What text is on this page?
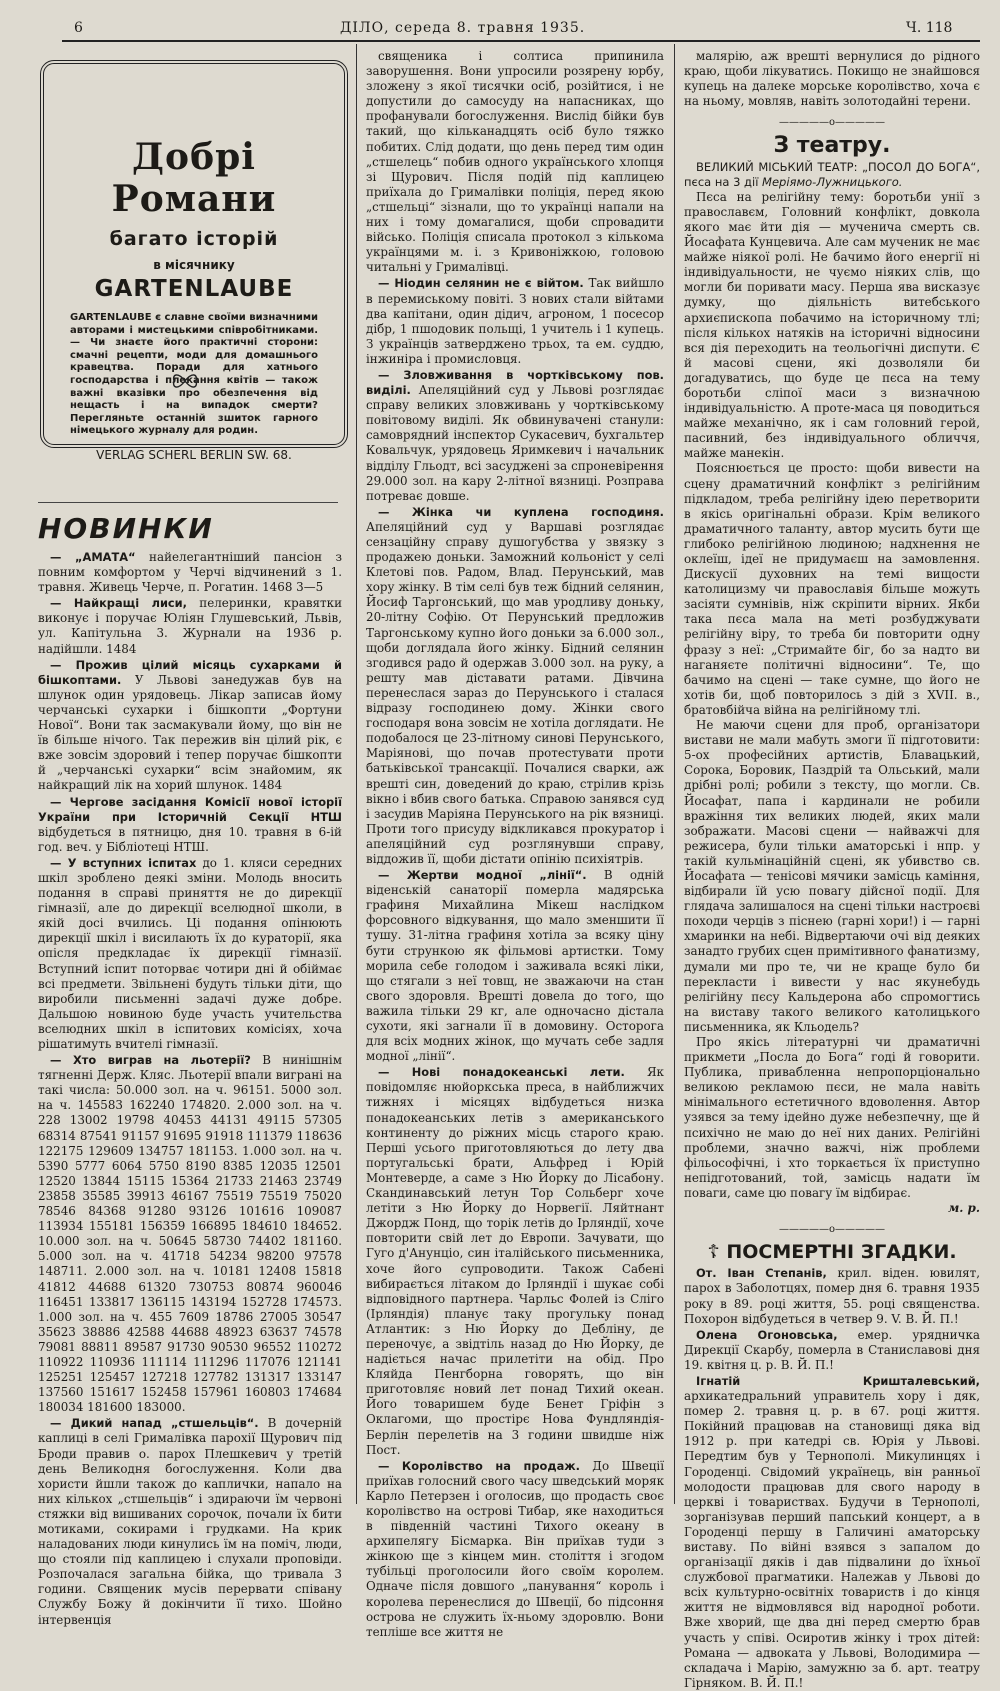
6	ДІЛО, середа 8. травня 1935.	Ч. 118
Добрі Романи
багато історій
в місячнику
GARTENLAUBE
GARTENLAUBE є славне своїми визначними авторами і мистецькими співробітниками. — Чи знаєте його практичні сторони: смачні рецепти, моди для домашнього кравецтва. Поради для хатнього господарства і плекання квітів — також важні вказівки про обезпечення від нещасть і на випадок смерти? Перегляньте останній зшиток гарного німецького журналу для родин.
VERLAG SCHERL BERLIN SW. 68.
НОВИНКИ

— „АМАТА“ найелегантніший пансіон з повним комфортом у Черчі відчинений з 1. травня. Живець Черче, п. Рогатин. 1468 3—5

— Найкращі лиси, пелеринки, кравятки виконує і поручає Юліян Глушевський, Львів, ул. Капітульна 3. Журнали на 1936 р. надійшли. 1484

— Прожив цілий місяць сухарками й бішкоптами. У Львові занедужав був на шлунок один урядовець. Лікар записав йому черчанські сухарки і бішкопти „Фортуни Нової“. Вони так засмакували йому, що він не їв більше нічого. Так пережив він цілий рік, є вже зовсім здоровий і тепер поручає бішкопти й „черчанські сухарки“ всім знайомим, як найкращий лік на хорий шлунок. 1484

— Чергове засідання Комісії нової історії України при Історичній Секції НТШ відбудеться в пятницю, дня 10. травня в 6-ій год. веч. у Бібліотеці НТШ.

— У вступних іспитах до 1. кляси середних шкіл зроблено деякі зміни. Молодь вносить подання в справі приняття не до дирекції гімназії, але до дирекції вселюдної школи, в якій досі вчились. Ці подання опінюють дирекції шкіл і висилають їх до кураторії, яка опісля предкладає їх дирекції гімназії. Вступний іспит поторває чотири дні й обіймає всі предмети. Звільнені будуть тільки діти, що виробили письменні задачі дуже добре. Дальшою новиною буде участь учительства вселюдних шкіл в іспитових комісіях, хоча рішатимуть вчителі гімназії.

— Хто виграв на льотерії? В нинішнім тягненні Держ. Кляс. Льотерії впали виграні на такі числа: 50.000 зол. на ч. 96151. 5000 зол. на ч. 145583 162240 174820. 2.000 зол. на ч. 228 13002 19798 40453 44131 49115 57305 68314 87541 91157 91695 91918 111379 118636 122175 129609 134757 181153. 1.000 зол. на ч. 5390 5777 6064 5750 8190 8385 12035 12501 12520 13844 15115 15364 21733 21463 23749 23858 35585 39913 46167 75519 75519 75020 78546 84368 91280 93126 101616 109087 113934 155181 156359 166895 184610 184652. 10.000 зол. на ч. 50645 58730 74402 181160. 5.000 зол. на ч. 41718 54234 98200 97578 148711. 2.000 зол. на ч. 10181 12408 15818 41812 44688 61320 730753 80874 960046 116451 133817 136115 143194 152728 174573. 1.000 зол. на ч. 455 7609 18786 27005 30547 35623 38886 42588 44688 48923 63637 74578 79081 88811 89587 91730 90530 96552 110272 110922 110936 111114 111296 117076 121141 125251 125457 127218 127782 131317 133147 137560 151617 152458 157961 160803 174684 180034 181600 183000.

— Дикий напад „стшельців“. В дочерній каплиці в селі Грималівка парохії Щурович під Броди правив о. парох Плешкевич у третій день Великодня богослуження. Коли два хористи йшли також до каплички, напало на них кількох „стшельців“ і здираючи їм червоні стяжки від вишиваних сорочок, почали їх бити мотиками, сокирами і грудками. На крик наладованих люди кинулись їм на поміч, люди, що стояли під каплицею і слухали проповіди. Розпочалася загальна бійка, що тривала 3 години. Священик мусів перервати співану Службу Божу й докінчити її тихо. Шойно інтервенція

священика і солтиса припинила заворушення. Вони упросили розярену юрбу, зложену з якої тисячки осіб, розійтися, і не допустили до самосуду на напасниках, що профанували богослуження. Вислід бійки був такий, що кільканадцять осіб було тяжко побитих. Слід додати, що день перед тим один „стшелець“ побив одного українського хлопця зі Щурович. Після подій під каплицею приїхала до Грималівки поліція, перед якою „стшельці“ зізнали, що то українці напали на них і тому домагалися, щоби спровадити військо. Поліція списала протокол з кількома українцями м. і. з Кривоніжкою, головою читальні у Грималівці.

— Ніодин селянин не є війтом. Так вийшло в перемиському повіті. З нових стали війтами два капітани, один дідич, агроном, 1 посесор дібр, 1 пшодовик польщі, 1 учитель і 1 купець. З українців затверджено трьох, та ем. суддю, інжиніра і промисловця.

— Зловживання в чортківському пов. виділі. Апеляційний суд у Львові розглядає справу великих зловживань у чортківському повітовому виділі. Як обвинувачені станули: самоврядний інспектор Сукасевич, бухгальтер Ковальчук, урядовець Яримкевич і начальник відділу Гльодт, всі засуджені за спроневірення 29.000 зол. на кару 2-літної вязниці. Розправа потреває довше.

— Жінка чи куплена господиня. Апеляційний суд у Варшаві розглядає сензаційну справу душогубства у звязку з продажею доньки. Заможний кольоніст у селі Клетові пов. Радом, Влад. Перунський, мав хору жінку. В тім селі був теж бідний селянин, Йосиф Таргонський, що мав уродливу доньку, 20-літну Софію. От Перунський предложив Таргонському купно його доньки за 6.000 зол., щоби доглядала його жінку. Бідний селянин згодився радо й одержав 3.000 зол. на руку, а решту мав діставати ратами. Дівчина перенеслася зараз до Перунського і сталася відразу господинею дому. Жінки свого господаря вона зовсім не хотіла доглядати. Не подобалося це 23-літному синові Перунського, Маріянові, що почав протестувати проти батьківської трансакції. Почалися сварки, аж врешті син, доведений до краю, стрілив крізь вікно і вбив свого батька. Справою занявся суд і засудив Маріяна Перунського на рік вязниці. Проти того присуду відкликався прокуратор і апеляційний суд розглянувши справу, віддожив її, щоби дістати опінію психіятрів.

— Жертви модної „лінії“. В одній віденській санаторії померла мадярська графиня Михайлина Мікеш наслідком форсовного відкування, що мало зменшити її тушу. 31-літна графиня хотіла за всяку ціну бути стрункою як фільмові артистки. Тому морила себе голодом і заживала всякі ліки, що стягали з неї товщ, не зважаючи на стан свого здоровля. Врешті довела до того, що важила тільки 29 кг, але одночасно дістала сухоти, які загнали її в домовину. Осторога для всіх модних жінок, що мучать себе задля модної „лінії“.

— Нові понадокеанські лети. Як повідомляє нюйоркська преса, в найближчих тижнях і місяцях відбудеться низка понадокеанських летів з американського континенту до ріжних місць старого краю. Перші усього приготовляються до лету два португальські брати, Альфред і Юрій Монтеверде, а саме з Ню Йорку до Лісабону. Скандинавський летун Тор Сольберг хоче летіти з Ню Йорку до Норвегії. Ляйтнант Джордж Понд, що торік летів до Ірляндії, хоче повторити свій лет до Европи. Зачувати, що Гуго д'Анунціо, син італійського письменника, хоче його супроводити. Також Сабені вибирається літаком до Ірляндії і шукає собі відповідного партнера. Чарльс Фолей із Сліго (Ірляндія) планує таку прогульку понад Атлантик: з Ню Йорку до Дебліну, де переночує, а звідтіль назад до Ню Йорку, де надіється начас прилетіти на обід. Про Кляйда Пенгборна говорять, що він приготовляє новий лет понад Тихий океан. Його товаришем буде Бенет Гріфін з Оклагоми, що простірє Нова Фундляндія-Берлін перелетів на 3 години швидше ніж Пост.

— Королівство на продаж. До Швеції приїхав голосний свого часу шведський моряк Карло Петерзен і оголосив, що продасть своє королівство на острові Тибар, яке находиться в південній частині Тихого океану в архипелягу Бісмарка. Він приїхав туди з жінкою ще з кінцем мин. століття і згодом тубільці проголосили його своїм королем. Одначе після довшого „панування“ король і королева перенеслися до Швеції, бо підсоння острова не служить їх-ньому здоровлю. Вони тепліше все життя не

малярію, аж врешті вернулися до рідного краю, щоби лікуватись. Покищо не знайшовся купець на далеке морське королівство, хоча є на ньому, мовляв, навіть золотодайні терени.

—————o—————
З театру.

ВЕЛИКИЙ МІСЬКИЙ ТЕАТР: „ПОСОЛ ДО БОГА“, пєса на 3 дії Меріямо-Лужницького.

Пєса на релігійну тему: боротьби унії з православєм, Головний конфлікт, довкола якого має йти дія — мученича смерть св. Йосафата Кунцевича. Але сам мученик не має майже ніякої ролі. Не бачимо його енергії ні індивідуальности, не чуємо ніяких слів, що могли би поривати масу. Перша ява висказує думку, що діяльність витебського архиєпископа побачимо на історичному тлі; після кількох натяків на історичні відносини вся дія переходить на теольогічні диспути. Є й масові сцени, які дозволяли би догадуватись, що буде це пєса на тему боротьби сліпої маси з визначною індивідуальністю. А проте-маса ця поводиться майже механічно, як і сам головний герой, пасивний, без індивідуального обличчя, майже манекін.

Пояснюється це просто: щоби вивести на сцену драматичний конфлікт з релігійним підкладом, треба релігійну ідею перетворити в якісь оригінальні образи. Крім великого драматичного таланту, автор мусить бути ще глибоко релігійною людиною; надхнення не оклеїш, ідеї не придумаєш на замовлення. Дискусії духовних на темі вищости католицизму чи православія більше можуть засіяти сумнівів, ніж скріпити вірних. Якби така пєса мала на меті розбуджувати релігійну віру, то треба би повторити одну фразу з неї: „Стримайте біг, бо за надто ви наганяєте політичні відносини“. Те, що бачимо на сцені — таке сумне, що його не хотів би, щоб повторилось з дій з XVII. в., братовбійча війна на релігійному тлі.

Не маючи сцени для проб, організатори вистави не мали мабуть змоги її підготовити: 5-ох професійних артистів, Блавацький, Сорока, Боровик, Паздрій та Ольський, мали дрібні ролі; робили з тексту, що могли. Св. Йосафат, папа і кардинали не робили вражіння тих великих людей, яких мали зображати. Масові сцени — найважчі для режисера, були тільки аматорські і нпр. у такій кульмінаційній сцені, як убивство св. Йосафата — тенісові мячики замісць каміння, відбирали їй усю повагу дійсної події. Для глядача залишалося на сцені тільки настроєві походи черців з піснею (гарні хори!) і — гарні хмаринки на небі. Відвертаючи очі від деяких занадто грубих сцен примітивного фанатизму, думали ми про те, чи не краще було би перекласти і вивести у нас якунебудь релігійну пєсу Кальдерона або спромогтись на виставу такого великого католицького письменника, як Кльодель?

Про якісь літературні чи драматичні прикмети „Посла до Бога“ годі й говорити. Публика, привабленна непропорціонально великою рекламою пєси, не мала навіть мінімального естетичного вдоволення. Автор узявся за тему ідейно дуже небезпечну, ще й психічно не маю до неї них даних. Релігійні проблеми, значно важчі, ніж проблеми фільософічні, і хто торкається їх приступно непідготований, той, замісць надати їм поваги, саме цю повагу їм відбирає.

м. р.
—————o—————
☦ ПОСМЕРТНІ ЗГАДКИ.

От. Іван Степанів, крил. віден. ювилят, парох в Заболотцях, помер дня 6. травня 1935 року в 89. році життя, 55. році священства. Похорон відбудеться в четвер 9. V. В. Й. П.!

Олена Огоновська, емер. урядничка Дирекції Скарбу, померла в Станиславові дня 19. квітня ц. р. В. Й. П.!

Ігнатій Кришталевський, архикатедральний управитель хору і дяк, помер 2. травня ц. р. в 67. році життя. Покійний працював на становищі дяка від 1912 р. при катедрі св. Юрія у Львові. Передтим був у Тернополі. Микулинцях і Городенці. Свідомий українець, він ранньої молодости працював для свого народу в церкві і товариствах. Будучи в Тернополі, зорганізував перший папський концерт, а в Городенці першу в Галичині аматорську виставу. По війні взявся з запалом до організації дяків і дав підвалини до їхньої службової прагматики. Належав у Львові до всіх культурно-освітніх товариств і до кінця життя не відмовлявся від народної роботи. Вже хворий, ще два дні перед смертю брав участь у співі. Осиротив жінку і трох дітей: Романа — адвоката у Львові, Володимира — складача і Марію, замужню за б. арт. театру Гірняком. В. Й. П.!
